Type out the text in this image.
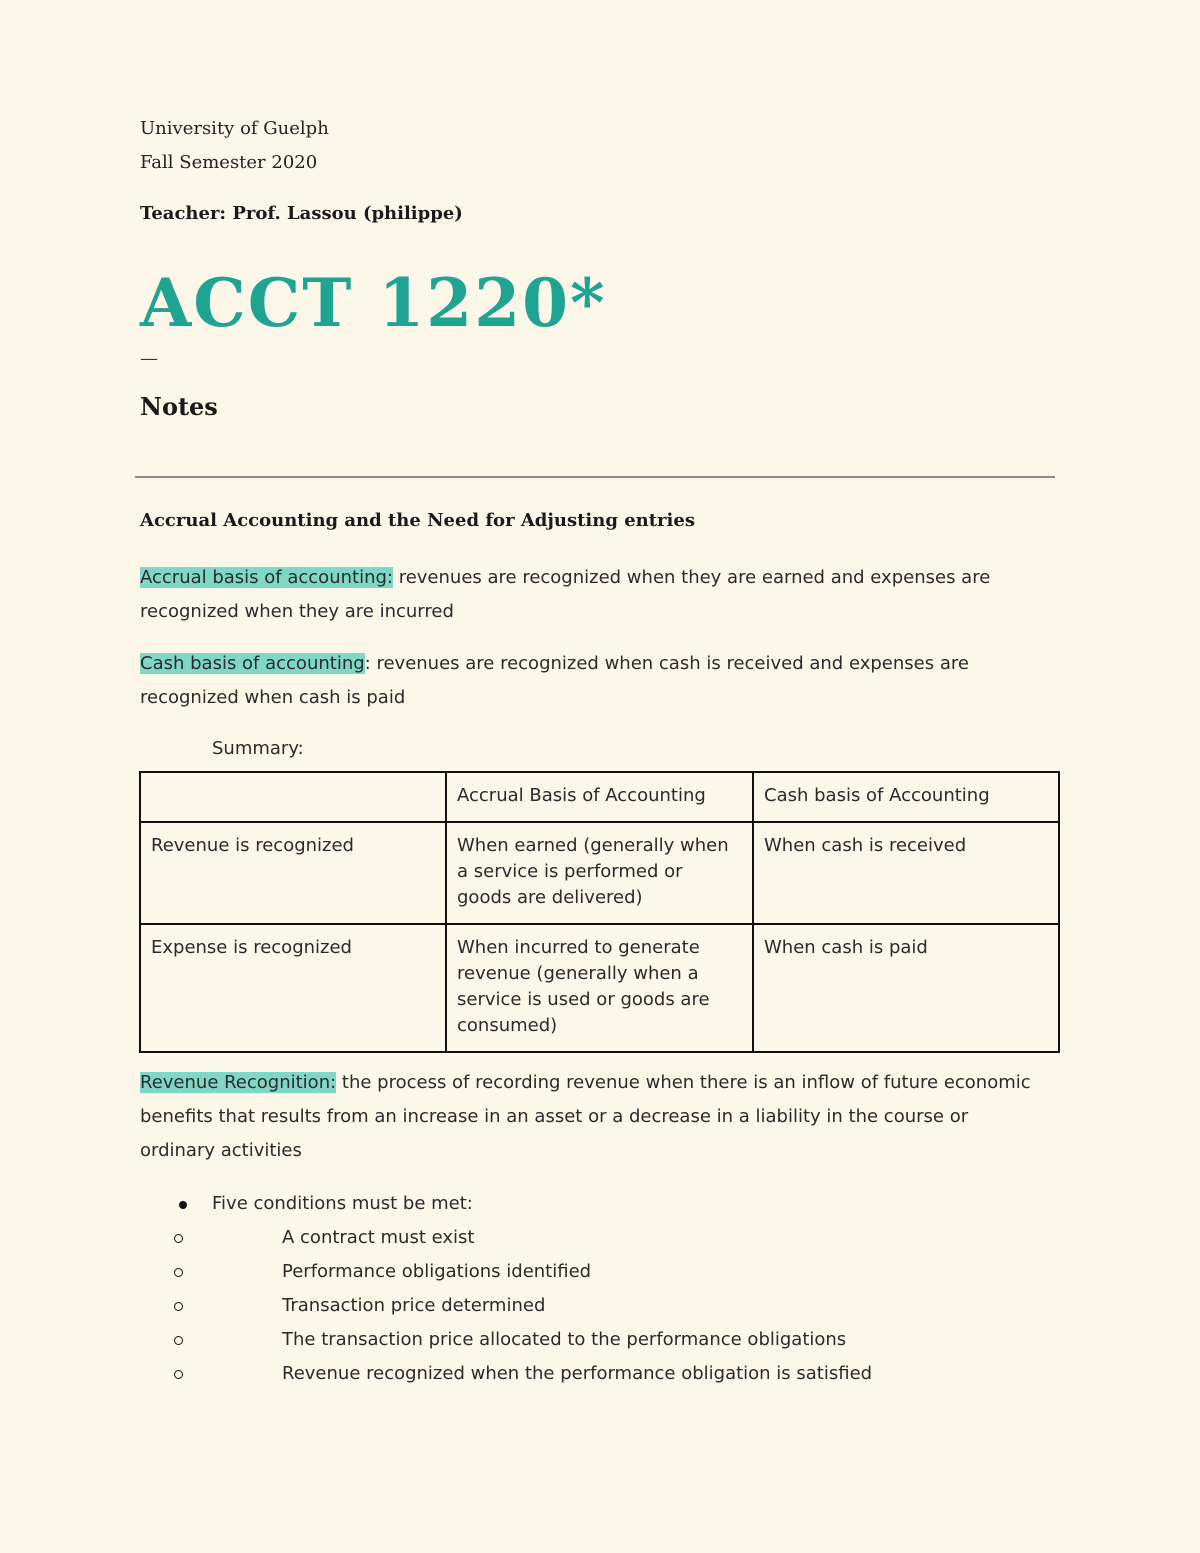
University of Guelph
Fall Semester 2020
Teacher: Prof. Lassou (philippe)
ACCT 1220*
—
Notes
Accrual Accounting and the Need for Adjusting entries
Accrual basis of accounting: revenues are recognized when they are earned and expenses are recognized when they are incurred
Cash basis of accounting: revenues are recognized when cash is received and expenses are recognized when cash is paid
Summary:
	Accrual Basis of Accounting	Cash basis of Accounting
Revenue is recognized	When earned (generally when a service is performed or goods are delivered)	When cash is received
Expense is recognized	When incurred to generate revenue (generally when a service is used or goods are consumed)	When cash is paid
Revenue Recognition: the process of recording revenue when there is an inflow of future economic benefits that results from an increase in an asset or a decrease in a liability in the course or ordinary activities
Five conditions must be met:
A contract must exist
Performance obligations identified
Transaction price determined
The transaction price allocated to the performance obligations
Revenue recognized when the performance obligation is satisfied
